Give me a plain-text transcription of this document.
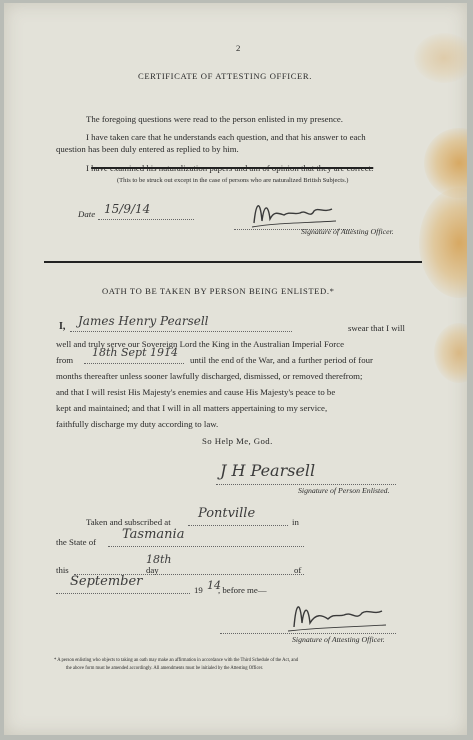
2
CERTIFICATE OF ATTESTING OFFICER.
The foregoing questions were read to the person enlisted in my presence.
I have taken care that he understands each question, and that his answer to each
question has been duly entered as replied to by him.
I have examined his naturalization papers and am of opinion that they are correct.
(This to be struck out except in the case of persons who are naturalized British Subjects.)
Date 15/9/14
Signature of Attesting Officer.
OATH TO BE TAKEN BY PERSON BEING ENLISTED.*
I, James Henry Pearsell	swear that I will
well and truly serve our Sovereign Lord the King in the Australian Imperial Force
from
18th Sept 1914
until the end of the War, and a further period of four
months thereafter unless sooner lawfully discharged, dismissed, or removed therefrom;
and that I will resist His Majesty's enemies and cause His Majesty's peace to be
kept and maintained; and that I will in all matters appertaining to my service,
faithfully discharge my duty according to law.
So Help Me, God.
J H Pearsell
Signature of Person Enlisted.
Taken and subscribed at
Pontville
in
the State of Tasmania
this
18th
day	of
September
19 14
, before me—
Signature of Attesting Officer.
* A person enlisting who objects to taking an oath may make an affirmation in accordance with the Third Schedule of the Act, and
the above form must be amended accordingly. All amendments must be initialed by the Attesting Officer.
